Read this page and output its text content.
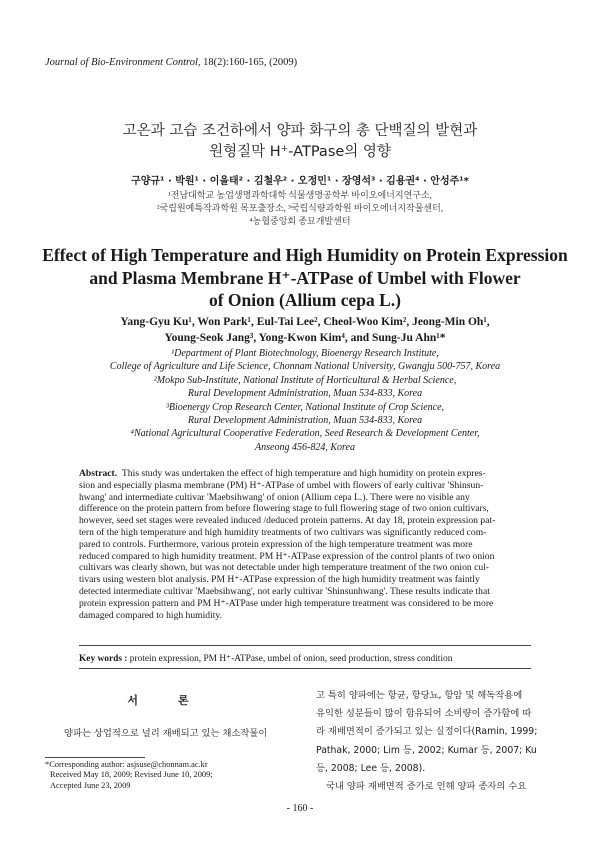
Journal of Bio-Environment Control, 18(2):160-165, (2009)
고온과 고습 조건하에서 양파 화구의 총 단백질의 발현과
원형질막 H⁺-ATPase의 영향
구양규¹ · 박원¹ · 이을태² · 김철우² · 오정민¹ · 장영석³ · 김용권⁴ · 안성주¹*
¹전남대학교 농업생명과학대학 식물생명공학부 바이오에너지연구소,
²국립원예특작과학원 목포출장소, ³국립식량과학원 바이오에너지작물센터,
⁴농협중앙회 종묘개발센터
Effect of High Temperature and High Humidity on Protein Expression
and Plasma Membrane H⁺-ATPase of Umbel with Flower
of Onion (Allium cepa L.)
Yang-Gyu Ku¹, Won Park¹, Eul-Tai Lee², Cheol-Woo Kim², Jeong-Min Oh¹,
Young-Seok Jang³, Yong-Kwon Kim⁴, and Sung-Ju Ahn¹*
¹Department of Plant Biotechnology, Bioenergy Research Institute,
College of Agriculture and Life Science, Chonnam National University, Gwangju 500-757, Korea
²Mokpo Sub-Institute, National Institute of Horticultural & Herbal Science,
Rural Development Administration, Muan 534-833, Korea
³Bioenergy Crop Research Center, National Institute of Crop Science,
Rural Development Administration, Muan 534-833, Korea
⁴National Agricultural Cooperative Federation, Seed Research & Development Center,
Anseong 456-824, Korea
Abstract. This study was undertaken the effect of high temperature and high humidity on protein expres-
sion and especially plasma membrane (PM) H⁺-ATPase of umbel with flowers of early cultivar 'Shinsun-
hwang' and intermediate cultivar 'Maebsihwang' of onion (Allium cepa L.). There were no visible any
difference on the protein pattern from before flowering stage to full flowering stage of two onion cultivars,
however, seed set stages were revealed induced /deduced protein patterns. At day 18, protein expression pat-
tern of the high temperature and high humidity treatments of two cultivars was significantly reduced com-
pared to controls. Furthermore, various protein expression of the high temperature treatment was more
reduced compared to high humidity treatment. PM H⁺-ATPase expression of the control plants of two onion
cultivars was clearly shown, but was not detectable under high temperature treatment of the two onion cul-
tivars using western blot analysis. PM H⁺-ATPase expression of the high humidity treatment was faintly
detected intermediate cultivar 'Maebsihwang', not early cultivar 'Shinsunhwang'. These results indicate that
protein expression pattern and PM H⁺-ATPase under high temperature treatment was considered to be more
damaged compared to high humidity.
Key words : protein expression, PM H⁺-ATPase, umbel of onion, seed production, stress condition
서론
양파는 상업적으로 널리 재배되고 있는 채소작물이
고 특히 양파에는 항균, 항당뇨, 항암 및 해독작용에
유익한 성분들이 많이 함유되어 소비량이 증가함에 따
라 재배면적이 증가되고 있는 실정이다(Ramin, 1999;
Pathak, 2000; Lim 등, 2002; Kumar 등, 2007; Ku
등, 2008; Lee 등, 2008).
국내 양파 재배면적 증가로 인해 양파 종자의 수요
*Corresponding author: asjsuse@chonnam.ac.kr
Received May 18, 2009; Revised June 10, 2009;
Accepted June 23, 2009
- 160 -
